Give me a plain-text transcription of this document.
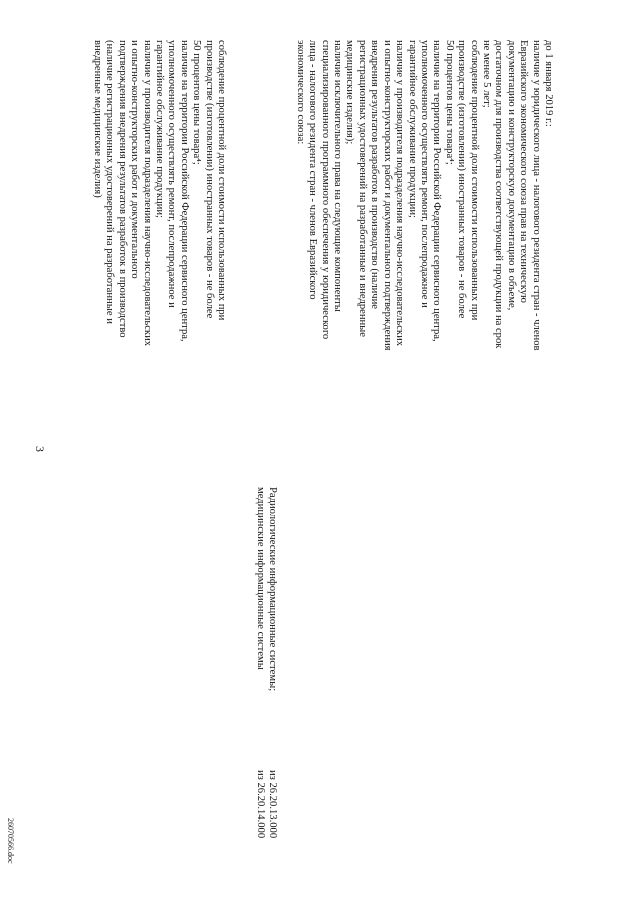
3
соблюдение процентной доли стоимости использованных при
производстве (изготовлении) иностранных товаров - не более
50 процентов цены товара⁴;
наличие на территории Российской Федерации сервисного центра,
уполномоченного осуществлять ремонт, послепродажное и
гарантийное обслуживание продукции;
наличие у производителя подразделения научно-исследовательских
и опытно-конструкторских работ и документального
подтверждения внедрения результатов разработок в производство
(наличие регистрационных удостоверений на разработанные и
внедренные медицинские изделия)
из 26.20.13.000
из 26.20.14.000
Радиологические информационные системы;
медицинские информационные системы
до 1 января 2019 г.:
наличие у юридического лица - налогового резидента стран - членов
Евразийского экономического союза прав на техническую
документацию и конструкторскую документацию в объеме,
достаточном для производства соответствующей продукции на срок
не менее 5 лет;
соблюдение процентной доли стоимости использованных при
производстве (изготовлении) иностранных товаров - не более
50 процентов цены товара⁴;
наличие на территории Российской Федерации сервисного центра,
уполномоченного осуществлять ремонт, послепродажное и
гарантийное обслуживание продукции;
наличие у производителя подразделения научно-исследовательских
и опытно-конструкторских работ и документального подтверждения
внедрения результатов разработок в производство (наличие
регистрационных удостоверений на разработанные и внедренные
медицинские изделия);
наличие исключительного права на следующие компоненты
специализированного программного обеспечения у юридического
лица - налогового резидента стран - членов Евразийского
экономического союза:
26070566.doc
